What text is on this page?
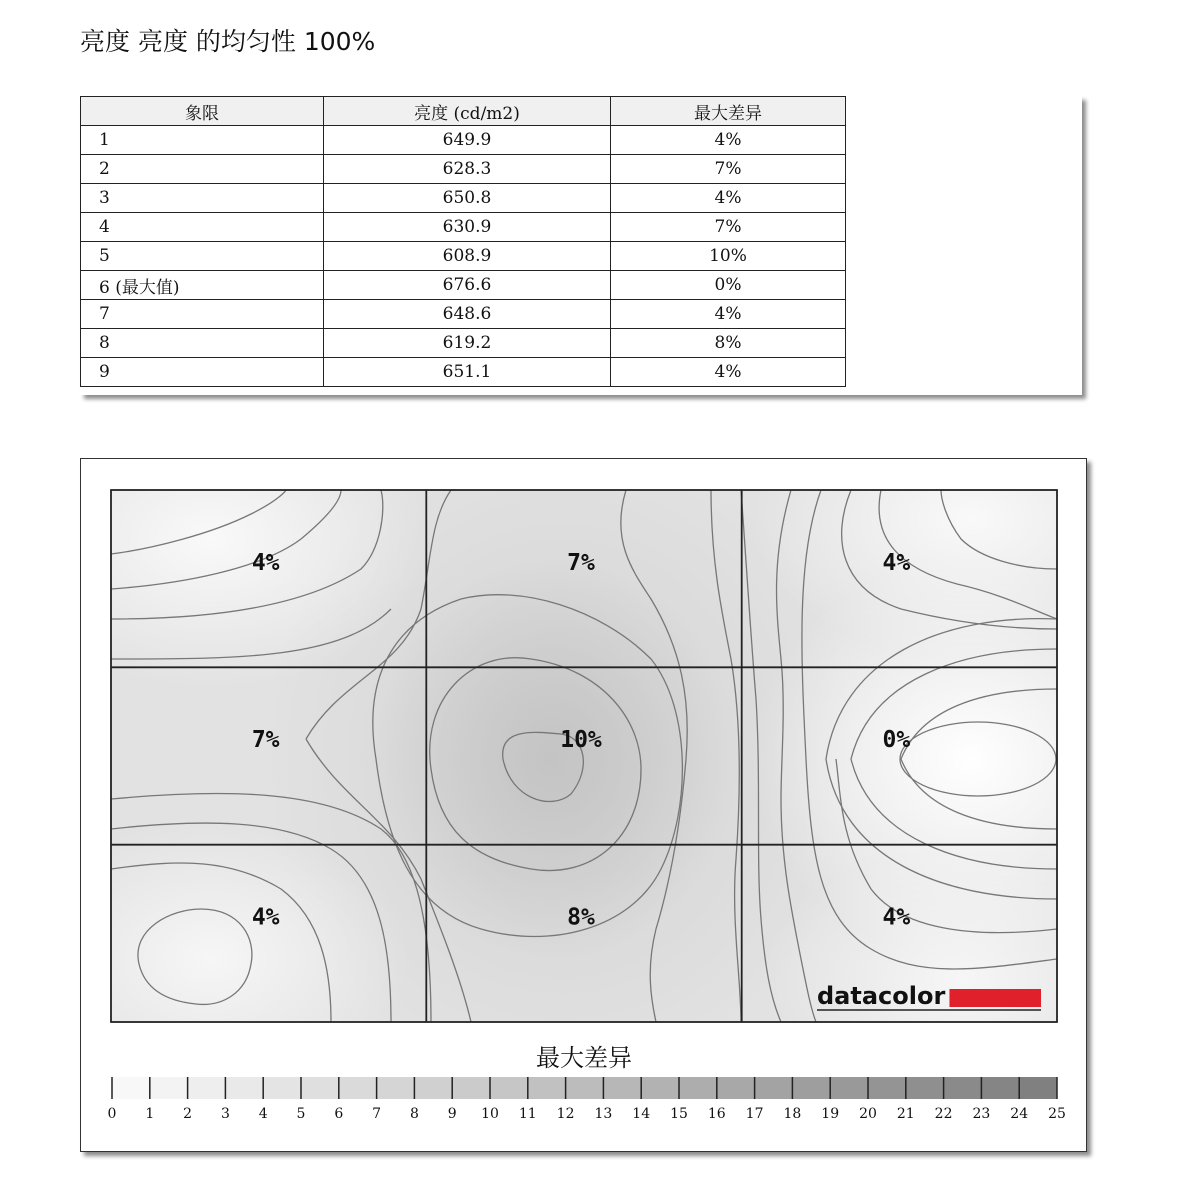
亮度 亮度 的均匀性 100%
象限	亮度 (cd/m2)	最大差异
1	649.9	4%
2	628.3	7%
3	650.8	4%
4	630.9	7%
5	608.9	10%
6 (最大值)	676.6	0%
7	648.6	4%
8	619.2	8%
9	651.1	4%
4%	7%	4%
7%	10%	0%
4%	8%	4%
datacolor
最大差异
0 1 2 3 4 5 6 7 8 9 10 11 12 13 14 15 16 17 18 19 20 21 22 23 24 25
